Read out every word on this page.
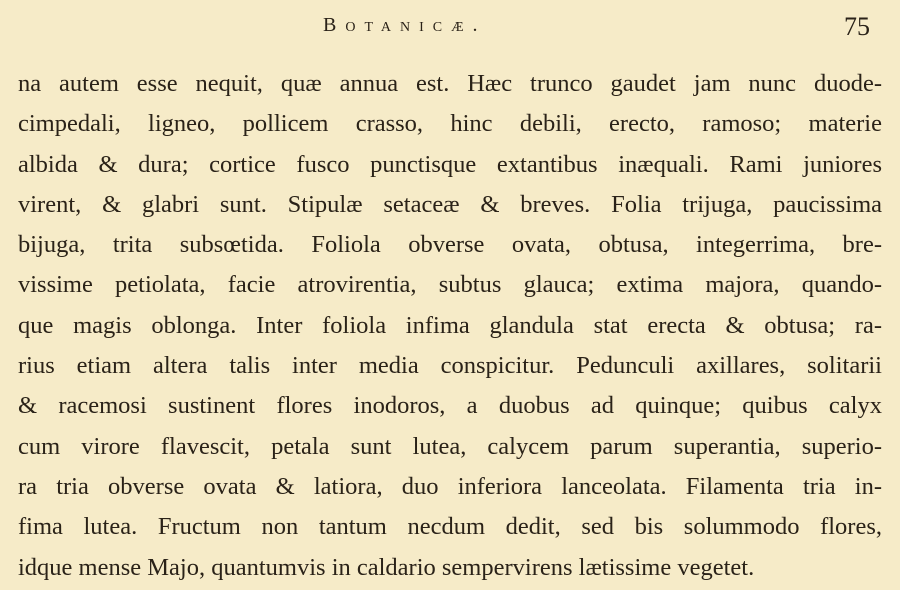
Botanicæ.	75
na autem esse nequit, quæ annua est. Hæc trunco gaudet jam nunc duode-
cimpedali, ligneo, pollicem crasso, hinc debili, erecto, ramoso; materie
albida & dura; cortice fusco punctisque extantibus inæquali. Rami juniores
virent, & glabri sunt. Stipulæ setaceæ & breves. Folia trijuga, paucissima
bijuga, trita subsœtida. Foliola obverse ovata, obtusa, integerrima, bre-
vissime petiolata, facie atrovirentia, subtus glauca; extima majora, quando-
que magis oblonga. Inter foliola infima glandula stat erecta & obtusa; ra-
rius etiam altera talis inter media conspicitur. Pedunculi axillares, solitarii
& racemosi sustinent flores inodoros, a duobus ad quinque; quibus calyx
cum virore flavescit, petala sunt lutea, calycem parum superantia, superio-
ra tria obverse ovata & latiora, duo inferiora lanceolata. Filamenta tria in-
fima lutea. Fructum non tantum necdum dedit, sed bis solummodo flores,
idque mense Majo, quantumvis in caldario sempervirens lætissime vegetet.
